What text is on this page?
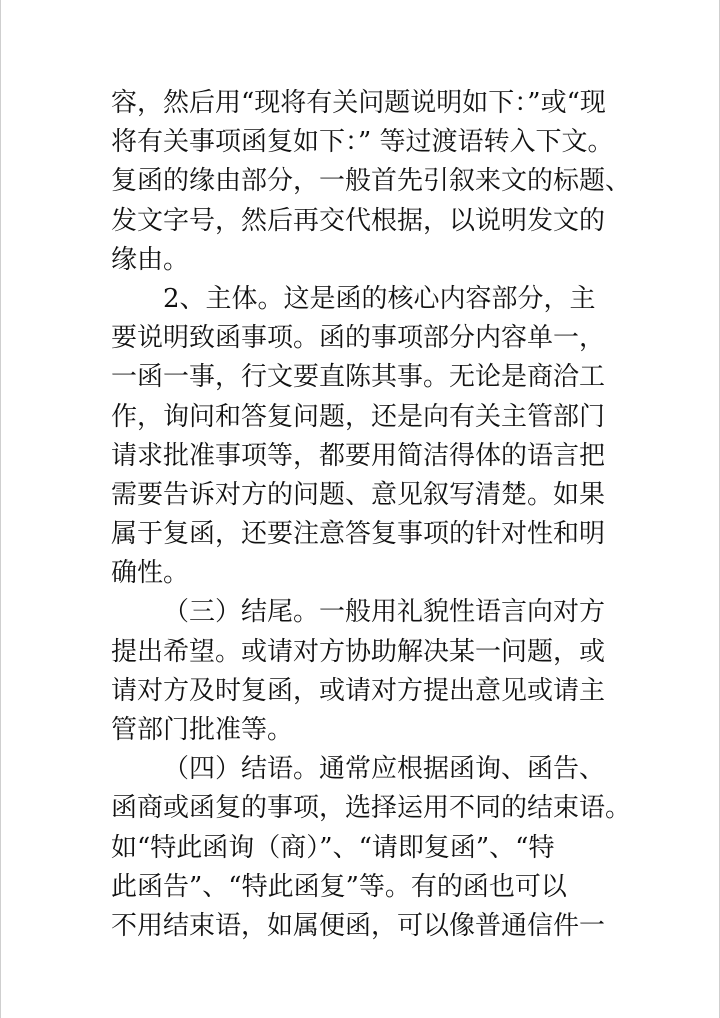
容，然后用“现将有关问题说明如下：”或“现
将有关事项函复如下：” 等过渡语转入下文。
复函的缘由部分，一般首先引叙来文的标题、
发文字号，然后再交代根据，以说明发文的
缘由。
2、主体。这是函的核心内容部分，主
要说明致函事项。函的事项部分内容单一，
一函一事，行文要直陈其事。无论是商洽工
作，询问和答复问题，还是向有关主管部门
请求批准事项等，都要用简洁得体的语言把
需要告诉对方的问题、意见叙写清楚。如果
属于复函，还要注意答复事项的针对性和明
确性。
（三）结尾。一般用礼貌性语言向对方
提出希望。或请对方协助解决某一问题，或
请对方及时复函，或请对方提出意见或请主
管部门批准等。
（四）结语。通常应根据函询、函告、
函商或函复的事项，选择运用不同的结束语。
如“特此函询（商）”、“请即复函”、“特
此函告”、“特此函复”等。有的函也可以
不用结束语，如属便函，可以像普通信件一
